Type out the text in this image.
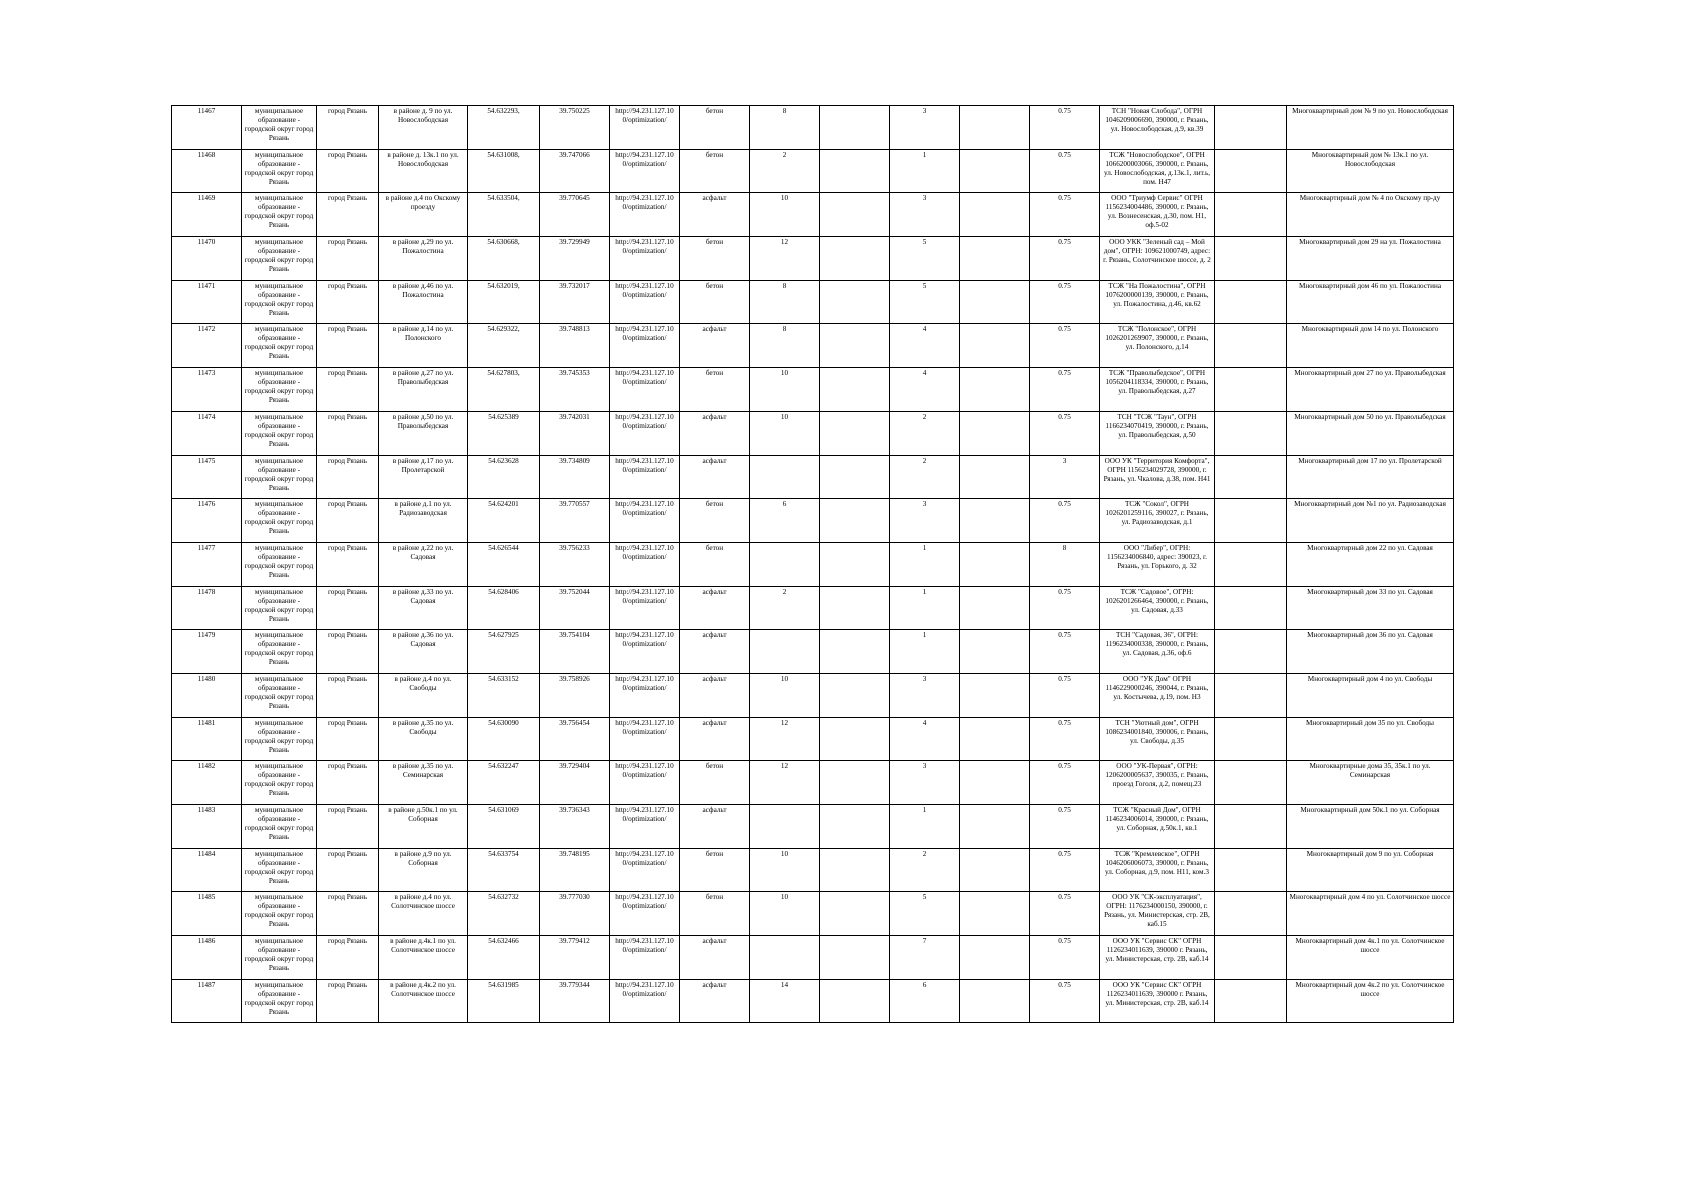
11467	муниципальное образование - городской округ город Рязань	город Рязань	в районе д. 9 по ул. Новослободская	54.632293,	39.750225	http://94.231.127.10 0/optimization/	бетон	8		3		0.75	ТСН "Новая Слобода", ОГРН 1046209006690, 390000, г. Рязань, ул. Новослободская, д.9, кв.39		Многоквартирный дом № 9 по ул. Новослободская
11468	муниципальное образование - городской округ город Рязань	город Рязань	в районе д. 13к.1 по ул. Новослободская	54.631008,	39.747066	http://94.231.127.10 0/optimization/	бетон	2		1		0.75	ТСЖ "Новослободское", ОГРН 1066200003066, 390000, г. Рязань, ул. Новослободская, д.13к.1, лит.ь, пом. Н47		Многоквартирный дом № 13к.1 по ул. Новослободская
11469	муниципальное образование - городской округ город Рязань	город Рязань	в районе д.4 по Окскому проезду	54.633504,	39.770645	http://94.231.127.10 0/optimization/	асфальт	10		3		0.75	ООО "Триумф Сервис" ОГРН 1156234004486, 390000, г. Рязань, ул. Вознесенская, д.30, пом. Н1, оф.5-02		Многоквартирный дом № 4 по Окскому пр-ду
11470	муниципальное образование - городской округ город Рязань	город Рязань	в районе д.29 по ул. Пожалостина	54.630668,	39.729949	http://94.231.127.10 0/optimization/	бетон	12		5		0.75	ООО УКК "Зеленый сад – Мой дом", ОГРН: 109621000749, адрес: г. Рязань, Солотчинское шоссе, д. 2		Многоквартирный дом 29 на ул. Пожалостина
11471	муниципальное образование - городской округ город Рязань	город Рязань	в районе д.46 по ул. Пожалостина	54.632019,	39.732017	http://94.231.127.10 0/optimization/	бетон	8		5		0.75	ТСЖ "На Пожалостина", ОГРН 1076200000139, 390000, г. Рязань, ул. Пожалостина, д.46, кв.62		Многоквартирный дом 46 по ул. Пожалостина
11472	муниципальное образование - городской округ город Рязань	город Рязань	в районе д.14 по ул. Полонского	54.629322,	39.748813	http://94.231.127.10 0/optimization/	асфальт	8		4		0.75	ТСЖ "Полонское", ОГРН 1026201269907, 390000, г. Рязань, ул. Полонского, д.14		Многоквартирный дом 14 по ул. Полонского
11473	муниципальное образование - городской округ город Рязань	город Рязань	в районе д.27 по ул. Праволыбедская	54.627803,	39.745353	http://94.231.127.10 0/optimization/	бетон	10		4		0.75	ТСЖ "Праволыбедское", ОГРН 1056204118334, 390000, г. Рязань, ул. Праволыбедская, д.27		Многоквартирный дом 27 по ул. Праволыбедская
11474	муниципальное образование - городской округ город Рязань	город Рязань	в районе д.50 по ул. Праволыбедская	54.625389	39.742031	http://94.231.127.10 0/optimization/	асфальт	10		2		0.75	ТСН "ТСЖ "Таун", ОГРН 1166234070419, 390000, г. Рязань, ул. Праволыбедская, д.50		Многоквартирный дом 50 по ул. Праволыбедская
11475	муниципальное образование - городской округ город Рязань	город Рязань	в районе д.17 по ул. Пролетарской	54.623628	39.734809	http://94.231.127.10 0/optimization/	асфальт			2		3	ООО УК "Территория Комфорта", ОГРН 1156234029728, 390000, г. Рязань, ул. Чкалова, д.38, пом. Н41		Многоквартирный дом 17 по ул. Пролетарской
11476	муниципальное образование - городской округ город Рязань	город Рязань	в районе д.1 по ул. Радиозаводская	54.624201	39.770557	http://94.231.127.10 0/optimization/	бетон	6		3		0.75	ТСЖ "Сокол", ОГРН 1026201259116, 390027, г. Рязань, ул. Радиозаводская, д.1		Многоквартирный дом №1 по ул. Радиозаводская
11477	муниципальное образование - городской округ город Рязань	город Рязань	в районе д.22 по ул. Садовая	54.626544	39.756233	http://94.231.127.10 0/optimization/	бетон			1		8	ООО "Либер", ОГРН: 1156234006840, адрес: 390023, г. Рязань, ул. Горького, д. 32		Многоквартирный дом 22 по ул. Садовая
11478	муниципальное образование - городской округ город Рязань	город Рязань	в районе д.33 по ул. Садовая	54.628406	39.752044	http://94.231.127.10 0/optimization/	асфальт	2		1		0.75	ТСЖ "Садовое", ОГРН: 1026201266464, 390000, г. Рязань, ул. Садовая, д.33		Многоквартирный дом 33 по ул. Садовая
11479	муниципальное образование - городской округ город Рязань	город Рязань	в районе д.36 по ул. Садовая	54.627925	39.754104	http://94.231.127.10 0/optimization/	асфальт			1		0.75	ТСН "Садовая, 36", ОГРН: 1196234000338, 390000, г. Рязань, ул. Садовая, д.36, оф.6		Многоквартирный дом 36 по ул. Садовая
11480	муниципальное образование - городской округ город Рязань	город Рязань	в районе д.4 по ул. Свободы	54.633152	39.758926	http://94.231.127.10 0/optimization/	асфальт	10		3		0.75	ООО "УК Дом" ОГРН 1146229000246, 390044, г. Рязань, ул. Костычева, д.19, пом. Н3		Многоквартирный дом 4 по ул. Свободы
11481	муниципальное образование - городской округ город Рязань	город Рязань	в районе д.35 по ул. Свободы	54.630090	39.756454	http://94.231.127.10 0/optimization/	асфальт	12		4		0.75	ТСН "Уютный дом", ОГРН 1086234001840, 390006, г. Рязань, ул. Свободы, д.35		Многоквартирный дом 35 по ул. Свободы
11482	муниципальное образование - городской округ город Рязань	город Рязань	в районе д.35 по ул. Семинарская	54.632247	39.729404	http://94.231.127.10 0/optimization/	бетон	12		3		0.75	ООО "УК-Первая", ОГРН: 1206200005637, 390035, г. Рязань, проезд Гоголя, д.2, помещ.23		Многоквартирные дома 35, 35к.1 по ул. Семинарская
11483	муниципальное образование - городской округ город Рязань	город Рязань	в районе д.50к.1 по ул. Соборная	54.631069	39.736343	http://94.231.127.10 0/optimization/	асфальт			1		0.75	ТСЖ "Красный Дом", ОГРН 1146234006014, 390000, г. Рязань, ул. Соборная, д.50к.1, кв.1		Многоквартирный дом 50к.1 по ул. Соборная
11484	муниципальное образование - городской округ город Рязань	город Рязань	в районе д.9 по ул. Соборная	54.633754	39.748195	http://94.231.127.10 0/optimization/	бетон	10		2		0.75	ТСЖ "Кремлевское", ОГРН 1046206006073, 390000, г. Рязань, ул. Соборная, д.9, пом. Н11, ком.3		Многоквартирный дом 9 по ул. Соборная
11485	муниципальное образование - городской округ город Рязань	город Рязань	в районе д.4 по ул. Солотчинское шоссе	54.632732	39.777030	http://94.231.127.10 0/optimization/	бетон	10		5		0.75	ООО УК "СК-эксплуатация", ОГРН: 1176234000150, 390000, г. Рязань, ул. Министерская, стр. 2В, каб.15		Многоквартирный дом 4 по ул. Солотчинское шоссе
11486	муниципальное образование - городской округ город Рязань	город Рязань	в районе д.4к.1 по ул. Солотчинское шоссе	54.632466	39.779412	http://94.231.127.10 0/optimization/	асфальт			7		0.75	ООО УК "Сервис СК" ОГРН 1126234011639, 390000 г. Рязань, ул. Министерская, стр. 2В, каб.14		Многоквартирный дом 4к.1 по ул. Солотчинское шоссе
11487	муниципальное образование - городской округ город Рязань	город Рязань	в районе д.4к.2 по ул. Солотчинское шоссе	54.631985	39.779344	http://94.231.127.10 0/optimization/	асфальт	14		6		0.75	ООО УК "Сервис СК" ОГРН 1126234011639, 390000 г. Рязань, ул. Министерская, стр. 2В, каб.14		Многоквартирный дом 4к.2 по ул. Солотчинское шоссе
